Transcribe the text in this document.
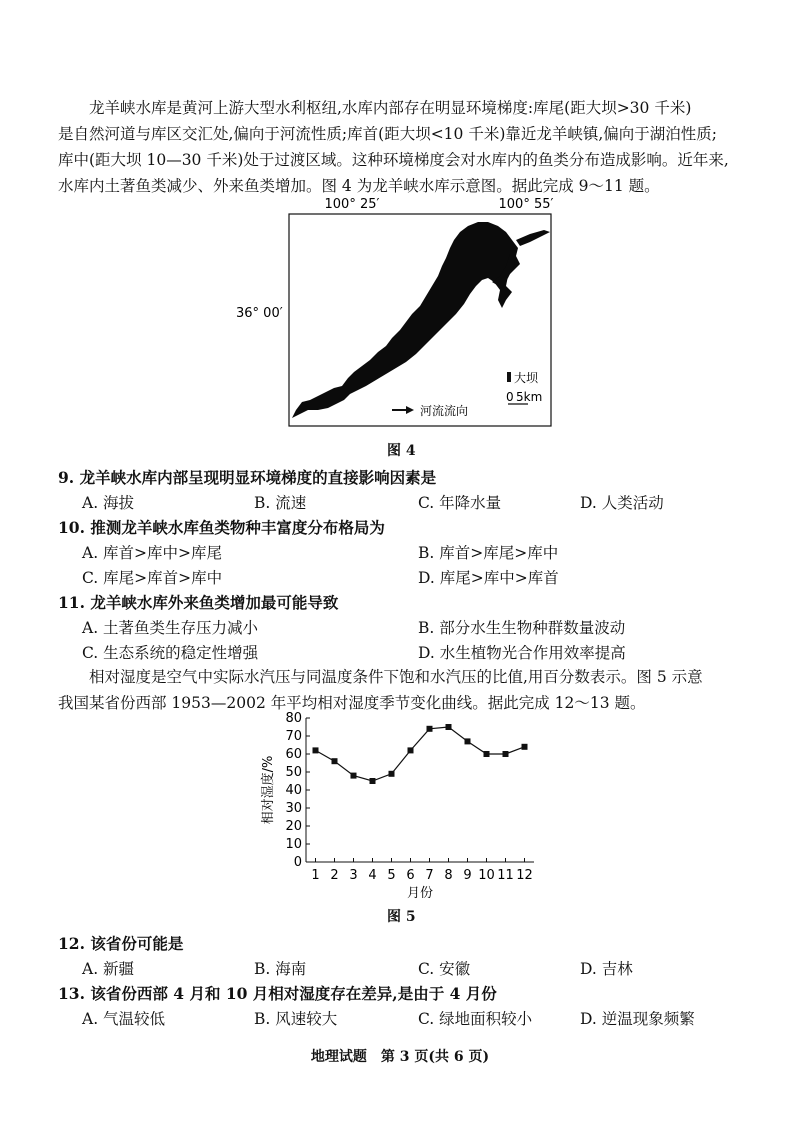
龙羊峡水库是黄河上游大型水利枢纽,水库内部存在明显环境梯度:库尾(距大坝>30 千米)
是自然河道与库区交汇处,偏向于河流性质;库首(距大坝<10 千米)靠近龙羊峡镇,偏向于湖泊性质;
库中(距大坝 10—30 千米)处于过渡区域。这种环境梯度会对水库内的鱼类分布造成影响。近年来,
水库内土著鱼类减少、外来鱼类增加。图 4 为龙羊峡水库示意图。据此完成 9～11 题。
100° 25′	100° 55′
36° 00′
大坝
0 5km
河流流向
图 4
9. 龙羊峡水库内部呈现明显环境梯度的直接影响因素是
A. 海拔	B. 流速	C. 年降水量	D. 人类活动
10. 推测龙羊峡水库鱼类物种丰富度分布格局为
A. 库首>库中>库尾	B. 库首>库尾>库中
C. 库尾>库首>库中	D. 库尾>库中>库首
11. 龙羊峡水库外来鱼类增加最可能导致
A. 土著鱼类生存压力减小	B. 部分水生生物种群数量波动
C. 生态系统的稳定性增强	D. 水生植物光合作用效率提高
相对湿度是空气中实际水汽压与同温度条件下饱和水汽压的比值,用百分数表示。图 5 示意
我国某省份西部 1953—2002 年平均相对湿度季节变化曲线。据此完成 12～13 题。
0
10
20
30
40
50
60
70
80
1 2 3 4 5 6 7 8 9 10 11 12
月份
相对湿度/%
图 5
12. 该省份可能是
A. 新疆	B. 海南	C. 安徽	D. 吉林
13. 该省份西部 4 月和 10 月相对湿度存在差异,是由于 4 月份
A. 气温较低	B. 风速较大	C. 绿地面积较小	D. 逆温现象频繁
地理试题　第 3 页(共 6 页)
